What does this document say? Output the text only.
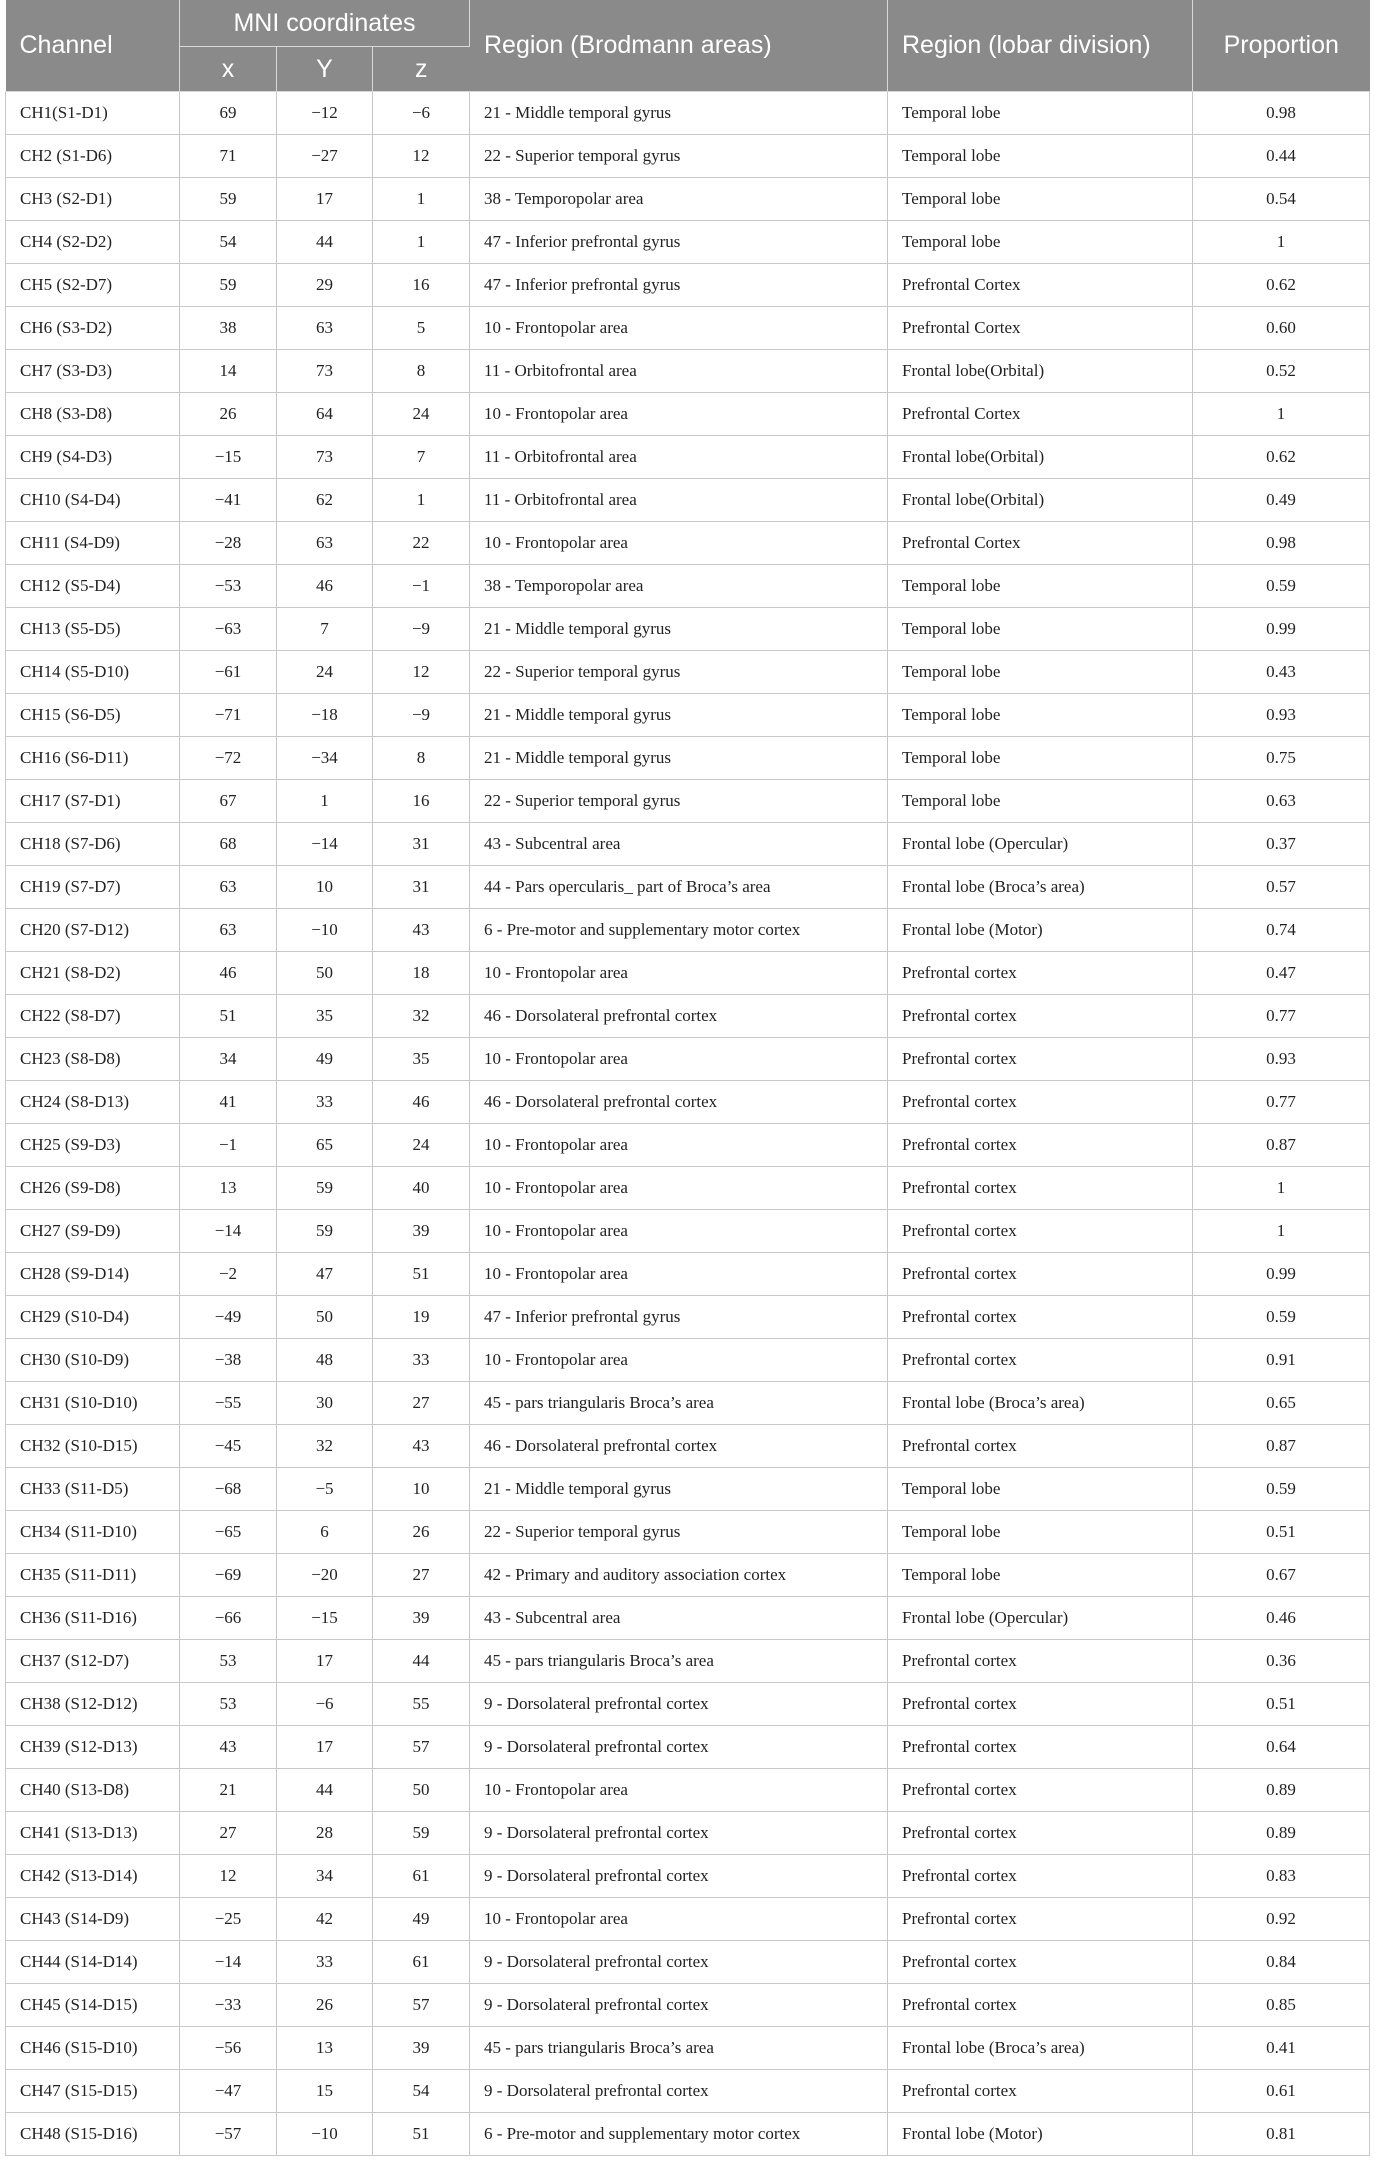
Channel	MNI coordinates			Region (Brodmann areas)	Region (lobar division)	Proportion
	x	Y	z			
CH1(S1-D1)	69	−12	−6	21 - Middle temporal gyrus	Temporal lobe	0.98
CH2 (S1-D6)	71	−27	12	22 - Superior temporal gyrus	Temporal lobe	0.44
CH3 (S2-D1)	59	17	1	38 - Temporopolar area	Temporal lobe	0.54
CH4 (S2-D2)	54	44	1	47 - Inferior prefrontal gyrus	Temporal lobe	1
CH5 (S2-D7)	59	29	16	47 - Inferior prefrontal gyrus	Prefrontal Cortex	0.62
CH6 (S3-D2)	38	63	5	10 - Frontopolar area	Prefrontal Cortex	0.60
CH7 (S3-D3)	14	73	8	11 - Orbitofrontal area	Frontal lobe(Orbital)	0.52
CH8 (S3-D8)	26	64	24	10 - Frontopolar area	Prefrontal Cortex	1
CH9 (S4-D3)	−15	73	7	11 - Orbitofrontal area	Frontal lobe(Orbital)	0.62
CH10 (S4-D4)	−41	62	1	11 - Orbitofrontal area	Frontal lobe(Orbital)	0.49
CH11 (S4-D9)	−28	63	22	10 - Frontopolar area	Prefrontal Cortex	0.98
CH12 (S5-D4)	−53	46	−1	38 - Temporopolar area	Temporal lobe	0.59
CH13 (S5-D5)	−63	7	−9	21 - Middle temporal gyrus	Temporal lobe	0.99
CH14 (S5-D10)	−61	24	12	22 - Superior temporal gyrus	Temporal lobe	0.43
CH15 (S6-D5)	−71	−18	−9	21 - Middle temporal gyrus	Temporal lobe	0.93
CH16 (S6-D11)	−72	−34	8	21 - Middle temporal gyrus	Temporal lobe	0.75
CH17 (S7-D1)	67	1	16	22 - Superior temporal gyrus	Temporal lobe	0.63
CH18 (S7-D6)	68	−14	31	43 - Subcentral area	Frontal lobe (Opercular)	0.37
CH19 (S7-D7)	63	10	31	44 - Pars opercularis_ part of Broca’s area	Frontal lobe (Broca’s area)	0.57
CH20 (S7-D12)	63	−10	43	6 - Pre-motor and supplementary motor cortex	Frontal lobe (Motor)	0.74
CH21 (S8-D2)	46	50	18	10 - Frontopolar area	Prefrontal cortex	0.47
CH22 (S8-D7)	51	35	32	46 - Dorsolateral prefrontal cortex	Prefrontal cortex	0.77
CH23 (S8-D8)	34	49	35	10 - Frontopolar area	Prefrontal cortex	0.93
CH24 (S8-D13)	41	33	46	46 - Dorsolateral prefrontal cortex	Prefrontal cortex	0.77
CH25 (S9-D3)	−1	65	24	10 - Frontopolar area	Prefrontal cortex	0.87
CH26 (S9-D8)	13	59	40	10 - Frontopolar area	Prefrontal cortex	1
CH27 (S9-D9)	−14	59	39	10 - Frontopolar area	Prefrontal cortex	1
CH28 (S9-D14)	−2	47	51	10 - Frontopolar area	Prefrontal cortex	0.99
CH29 (S10-D4)	−49	50	19	47 - Inferior prefrontal gyrus	Prefrontal cortex	0.59
CH30 (S10-D9)	−38	48	33	10 - Frontopolar area	Prefrontal cortex	0.91
CH31 (S10-D10)	−55	30	27	45 - pars triangularis Broca’s area	Frontal lobe (Broca’s area)	0.65
CH32 (S10-D15)	−45	32	43	46 - Dorsolateral prefrontal cortex	Prefrontal cortex	0.87
CH33 (S11-D5)	−68	−5	10	21 - Middle temporal gyrus	Temporal lobe	0.59
CH34 (S11-D10)	−65	6	26	22 - Superior temporal gyrus	Temporal lobe	0.51
CH35 (S11-D11)	−69	−20	27	42 - Primary and auditory association cortex	Temporal lobe	0.67
CH36 (S11-D16)	−66	−15	39	43 - Subcentral area	Frontal lobe (Opercular)	0.46
CH37 (S12-D7)	53	17	44	45 - pars triangularis Broca’s area	Prefrontal cortex	0.36
CH38 (S12-D12)	53	−6	55	9 - Dorsolateral prefrontal cortex	Prefrontal cortex	0.51
CH39 (S12-D13)	43	17	57	9 - Dorsolateral prefrontal cortex	Prefrontal cortex	0.64
CH40 (S13-D8)	21	44	50	10 - Frontopolar area	Prefrontal cortex	0.89
CH41 (S13-D13)	27	28	59	9 - Dorsolateral prefrontal cortex	Prefrontal cortex	0.89
CH42 (S13-D14)	12	34	61	9 - Dorsolateral prefrontal cortex	Prefrontal cortex	0.83
CH43 (S14-D9)	−25	42	49	10 - Frontopolar area	Prefrontal cortex	0.92
CH44 (S14-D14)	−14	33	61	9 - Dorsolateral prefrontal cortex	Prefrontal cortex	0.84
CH45 (S14-D15)	−33	26	57	9 - Dorsolateral prefrontal cortex	Prefrontal cortex	0.85
CH46 (S15-D10)	−56	13	39	45 - pars triangularis Broca’s area	Frontal lobe (Broca’s area)	0.41
CH47 (S15-D15)	−47	15	54	9 - Dorsolateral prefrontal cortex	Prefrontal cortex	0.61
CH48 (S15-D16)	−57	−10	51	6 - Pre-motor and supplementary motor cortex	Frontal lobe (Motor)	0.81
